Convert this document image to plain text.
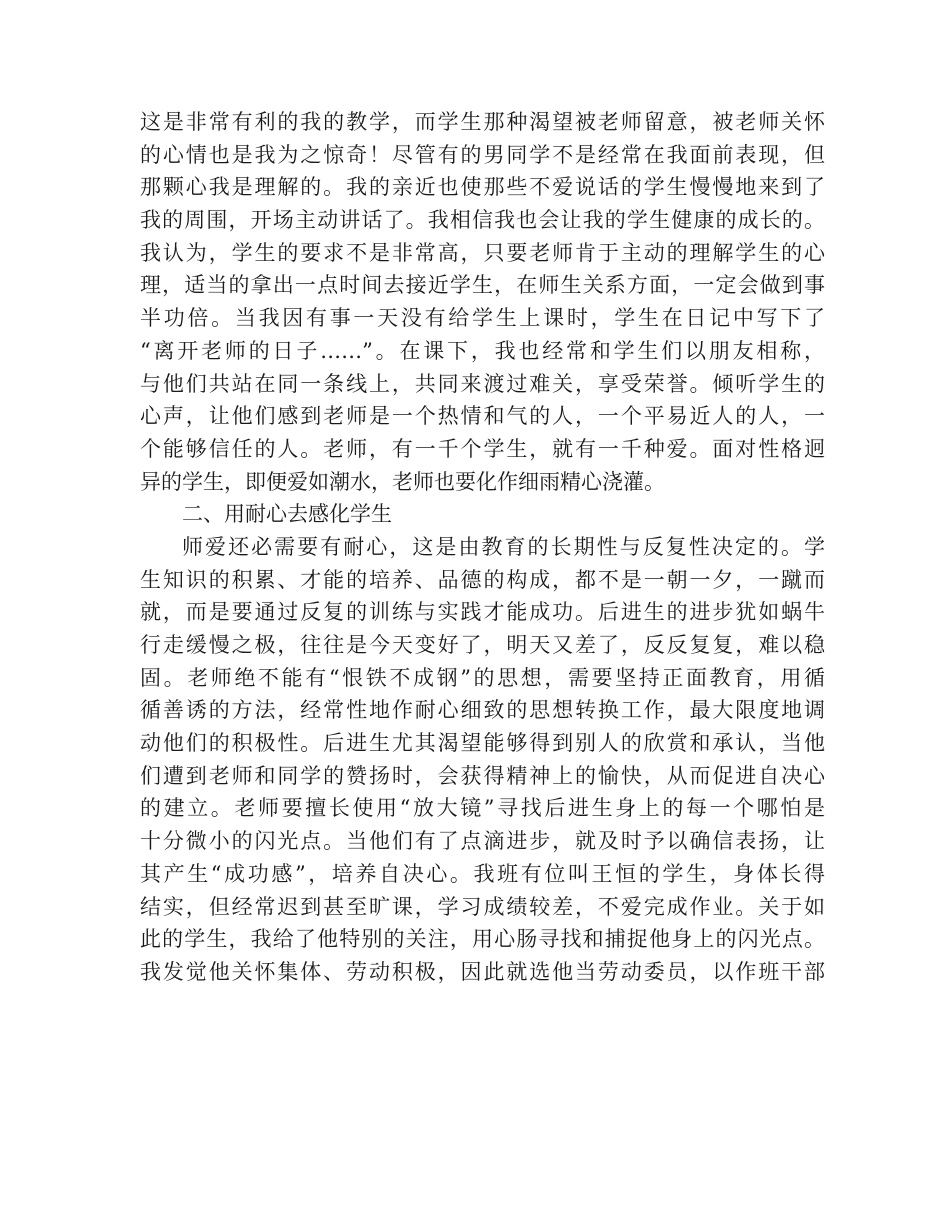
这是非常有利的我的教学，而学生那种渴望被老师留意，被老师关怀
的心情也是我为之惊奇！尽管有的男同学不是经常在我面前表现，但
那颗心我是理解的。我的亲近也使那些不爱说话的学生慢慢地来到了
我的周围，开场主动讲话了。我相信我也会让我的学生健康的成长的。
我认为，学生的要求不是非常高，只要老师肯于主动的理解学生的心
理，适当的拿出一点时间去接近学生，在师生关系方面，一定会做到事
半功倍。当我因有事一天没有给学生上课时，学生在日记中写下了
“离开老师的日子……”。在课下，我也经常和学生们以朋友相称，
与他们共站在同一条线上，共同来渡过难关，享受荣誉。倾听学生的
心声，让他们感到老师是一个热情和气的人，一个平易近人的人，一
个能够信任的人。老师，有一千个学生，就有一千种爱。面对性格迥
异的学生，即便爱如潮水，老师也要化作细雨精心浇灌。
二、用耐心去感化学生
师爱还必需要有耐心，这是由教育的长期性与反复性决定的。学
生知识的积累、才能的培养、品德的构成，都不是一朝一夕，一蹴而
就，而是要通过反复的训练与实践才能成功。后进生的进步犹如蜗牛
行走缓慢之极，往往是今天变好了，明天又差了，反反复复，难以稳
固。老师绝不能有“恨铁不成钢”的思想，需要坚持正面教育，用循
循善诱的方法，经常性地作耐心细致的思想转换工作，最大限度地调
动他们的积极性。后进生尤其渴望能够得到别人的欣赏和承认，当他
们遭到老师和同学的赞扬时，会获得精神上的愉快，从而促进自决心
的建立。老师要擅长使用“放大镜”寻找后进生身上的每一个哪怕是
十分微小的闪光点。当他们有了点滴进步，就及时予以确信表扬，让
其产生“成功感”，培养自决心。我班有位叫王恒的学生，身体长得
结实，但经常迟到甚至旷课，学习成绩较差，不爱完成作业。关于如
此的学生，我给了他特别的关注，用心肠寻找和捕捉他身上的闪光点。
我发觉他关怀集体、劳动积极，因此就选他当劳动委员，以作班干部
